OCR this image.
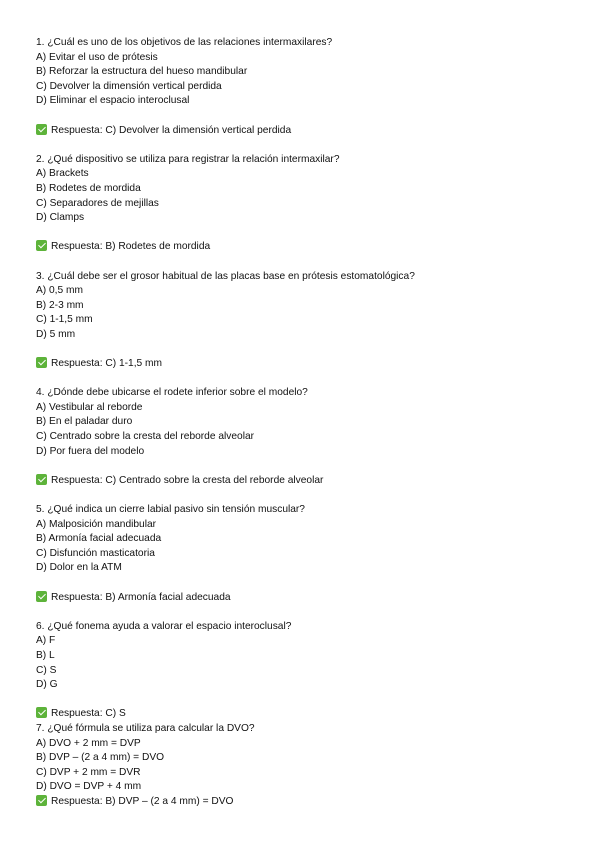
1. ¿Cuál es uno de los objetivos de las relaciones intermaxilares?
A) Evitar el uso de prótesis
B) Reforzar la estructura del hueso mandibular
C) Devolver la dimensión vertical perdida
D) Eliminar el espacio interoclusal
Respuesta: C) Devolver la dimensión vertical perdida
2. ¿Qué dispositivo se utiliza para registrar la relación intermaxilar?
A) Brackets
B) Rodetes de mordida
C) Separadores de mejillas
D) Clamps
Respuesta: B) Rodetes de mordida
3. ¿Cuál debe ser el grosor habitual de las placas base en prótesis estomatológica?
A) 0,5 mm
B) 2-3 mm
C) 1-1,5 mm
D) 5 mm
Respuesta: C) 1-1,5 mm
4. ¿Dónde debe ubicarse el rodete inferior sobre el modelo?
A) Vestibular al reborde
B) En el paladar duro
C) Centrado sobre la cresta del reborde alveolar
D) Por fuera del modelo
Respuesta: C) Centrado sobre la cresta del reborde alveolar
5. ¿Qué indica un cierre labial pasivo sin tensión muscular?
A) Malposición mandibular
B) Armonía facial adecuada
C) Disfunción masticatoria
D) Dolor en la ATM
Respuesta: B) Armonía facial adecuada
6. ¿Qué fonema ayuda a valorar el espacio interoclusal?
A) F
B) L
C) S
D) G
Respuesta: C) S
7. ¿Qué fórmula se utiliza para calcular la DVO?
A) DVO + 2 mm = DVP
B) DVP – (2 a 4 mm) = DVO
C) DVP + 2 mm = DVR
D) DVO = DVP + 4 mm
Respuesta: B) DVP – (2 a 4 mm) = DVO
